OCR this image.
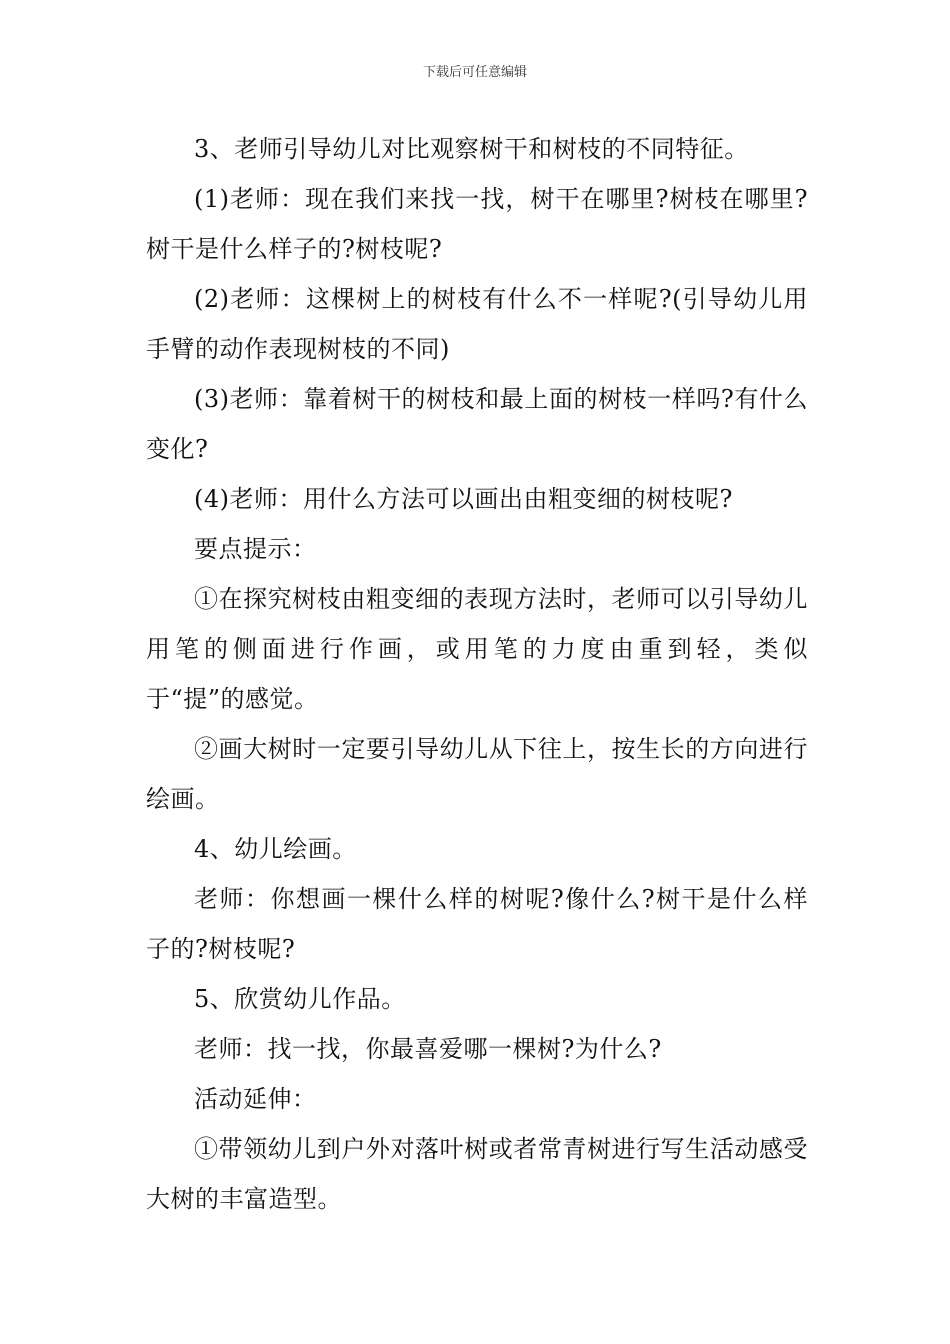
下载后可任意编辑

3、老师引导幼儿对比观察树干和树枝的不同特征。

(1)老师：现在我们来找一找，树干在哪里?树枝在哪里?树干是什么样子的?树枝呢?

(2)老师：这棵树上的树枝有什么不一样呢?(引导幼儿用手臂的动作表现树枝的不同)

(3)老师：靠着树干的树枝和最上面的树枝一样吗?有什么变化?

(4)老师：用什么方法可以画出由粗变细的树枝呢?

要点提示：

①在探究树枝由粗变细的表现方法时，老师可以引导幼儿用笔的侧面进行作画，或用笔的力度由重到轻，类似于“提”的感觉。

②画大树时一定要引导幼儿从下往上，按生长的方向进行绘画。

4、幼儿绘画。

老师：你想画一棵什么样的树呢?像什么?树干是什么样子的?树枝呢?

5、欣赏幼儿作品。

老师：找一找，你最喜爱哪一棵树?为什么?

活动延伸：

①带领幼儿到户外对落叶树或者常青树进行写生活动感受大树的丰富造型。
